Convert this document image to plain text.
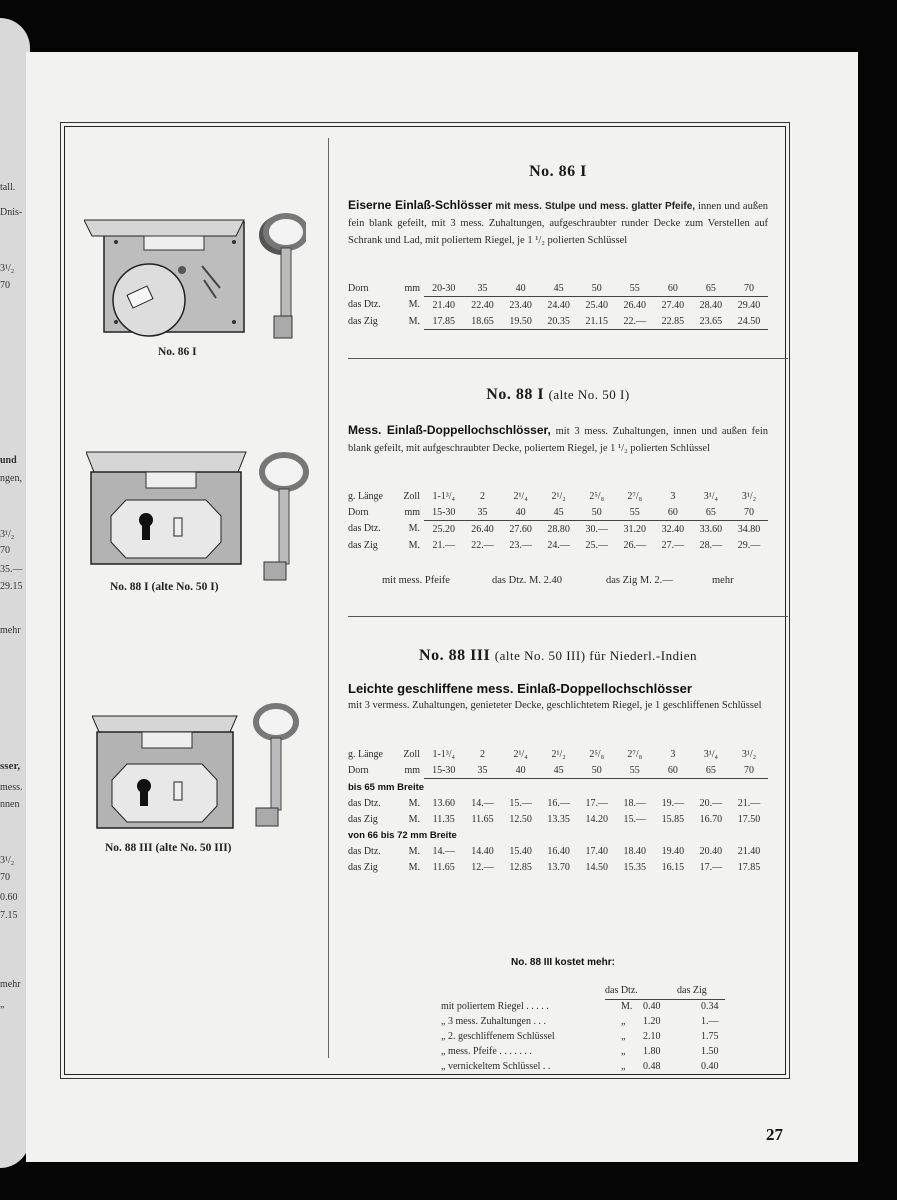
tall.
Dnis-
3¹/₂
70
und
ngen,
3¹/₂
70
35.—
29.15
mehr
sser,
mess.
nnen
3¹/₂
70
0.60
7.15
mehr
„
No. 86 I
No. 88 I (alte No. 50 I)
No. 88 III (alte No. 50 III)
No. 86 I
Eiserne Einlaß-Schlösser mit mess. Stulpe und mess. glatter Pfeife, innen und außen fein blank gefeilt, mit 3 mess. Zuhaltungen, aufgeschraubter runder Decke zum Verstellen auf Schrank und Lad, mit poliertem Riegel, je 1 ¹/₂ polierten Schlüssel
Dorn	mm	20-30	35	40	45	50	55	60	65	70
das Dtz.	M.	21.40	22.40	23.40	24.40	25.40	26.40	27.40	28.40	29.40
das Zig	M.	17.85	18.65	19.50	20.35	21.15	22.—	22.85	23.65	24.50
No. 88 I (alte No. 50 I)
Mess. Einlaß-Doppellochschlösser, mit 3 mess. Zuhaltungen, innen und außen fein blank gefeilt, mit aufgeschraubter Decke, poliertem Riegel, je 1 ¹/₂ polierten Schlüssel
g. Länge	Zoll	1-1³/₄	2	2¹/₄	2¹/₂	2⁵/₈	2⁷/₈	3	3¹/₄	3¹/₂
Dorn	mm	15-30	35	40	45	50	55	60	65	70
das Dtz.	M.	25.20	26.40	27.60	28.80	30.—	31.20	32.40	33.60	34.80
das Zig	M.	21.—	22.—	23.—	24.—	25.—	26.—	27.—	28.—	29.—
mit mess. Pfeife	das Dtz. M. 2.40	das Zig M. 2.—	mehr
No. 88 III (alte No. 50 III) für Niederl.-Indien
Leichte geschliffene mess. Einlaß-Doppellochschlösser
mit 3 vermess. Zuhaltungen, genieteter Decke, geschlichtetem Riegel, je 1 geschliffenen Schlüssel
g. Länge	Zoll	1-1³/₄	2	2¹/₄	2¹/₂	2⁵/₈	2⁷/₈	3	3¹/₄	3¹/₂
Dorn	mm	15-30	35	40	45	50	55	60	65	70
bis 65 mm Breite										
das Dtz.	M.	13.60	14.—	15.—	16.—	17.—	18.—	19.—	20.—	21.—
das Zig	M.	11.35	11.65	12.50	13.35	14.20	15.—	15.85	16.70	17.50
von 66 bis 72 mm Breite										
das Dtz.	M.	14.—	14.40	15.40	16.40	17.40	18.40	19.40	20.40	21.40
das Zig	M.	11.65	12.—	12.85	13.70	14.50	15.35	16.15	17.—	17.85
No. 88 III kostet mehr:
das Dtz.	das Zig
mit poliertem Riegel . . . . .	M. 0.40	0.34
„ 3 mess. Zuhaltungen . . .	„ 1.20	1.—
„ 2. geschliffenem Schlüssel	„ 2.10	1.75
„ mess. Pfeife . . . . . . .	„ 1.80	1.50
„ vernickeltem Schlüssel . .	„ 0.48	0.40
27
